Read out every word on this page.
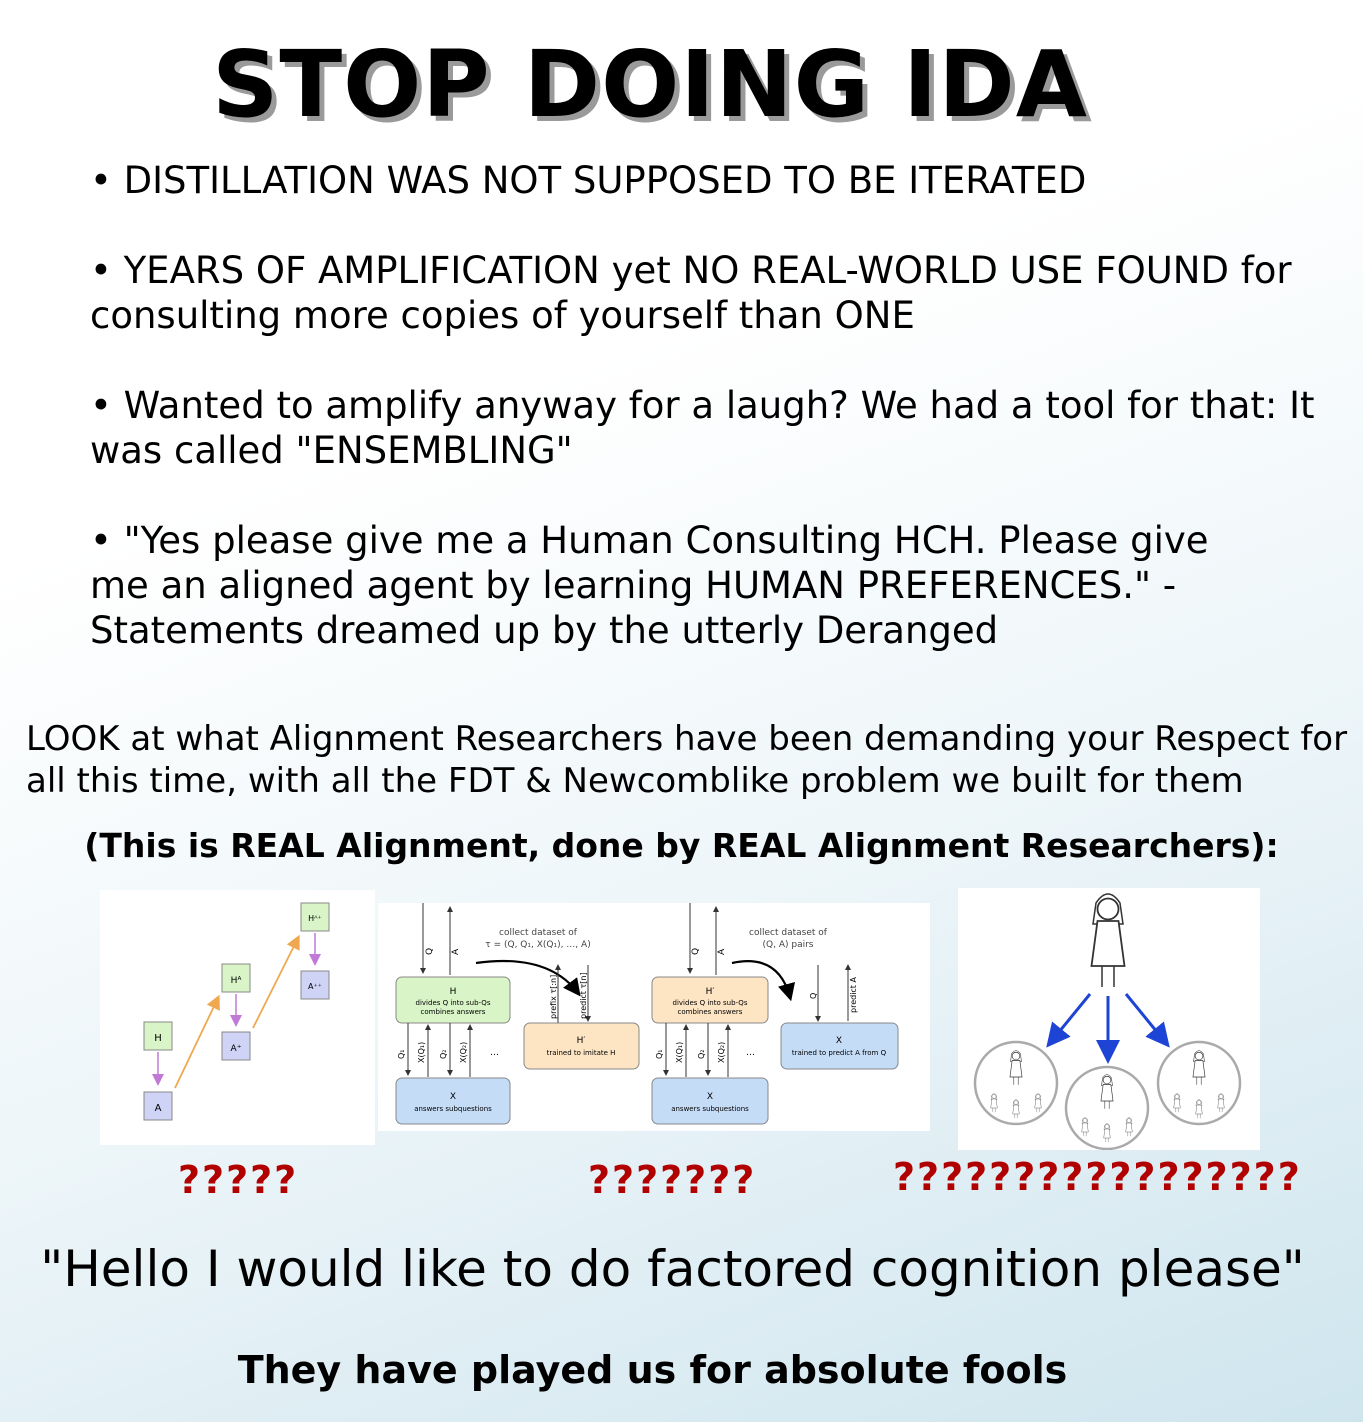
STOP DOING IDA
• DISTILLATION WAS NOT SUPPOSED TO BE ITERATED
• YEARS OF AMPLIFICATION yet NO REAL-WORLD USE FOUND for consulting more copies of yourself than ONE
• Wanted to amplify anyway for a laugh? We had a tool for that: It was called "ENSEMBLING"
• "Yes please give me a Human Consulting HCH. Please give me an aligned agent by learning HUMAN PREFERENCES." - Statements dreamed up by the utterly Deranged
LOOK at what Alignment Researchers have been demanding your Respect for all this time, with all the FDT & Newcomblike problem we built for them
(This is REAL Alignment, done by REAL Alignment Researchers):
H
A
Hᴬ
A⁺
Hᴬ⁺
A⁺⁺
Q A
collect dataset of
τ = (Q, Q₁, X(Q₁), …, A)
H
divides Q into sub-Qs
combines answers
Q₁ X(Q₁) Q₂ X(Q₂) …
X
answers subquestions
prefix τ[:n]	predict τ[n]
H′
trained to imitate H
Q A
collect dataset of
(Q, A) pairs
H′
divides Q into sub-Qs
combines answers
Q₁ X(Q₁) Q₂ X(Q₂) …
X
answers subquestions
Q	predict A
X
trained to predict A from Q
?????	???????	?????????????????
"Hello I would like to do factored cognition please"
They have played us for absolute fools
